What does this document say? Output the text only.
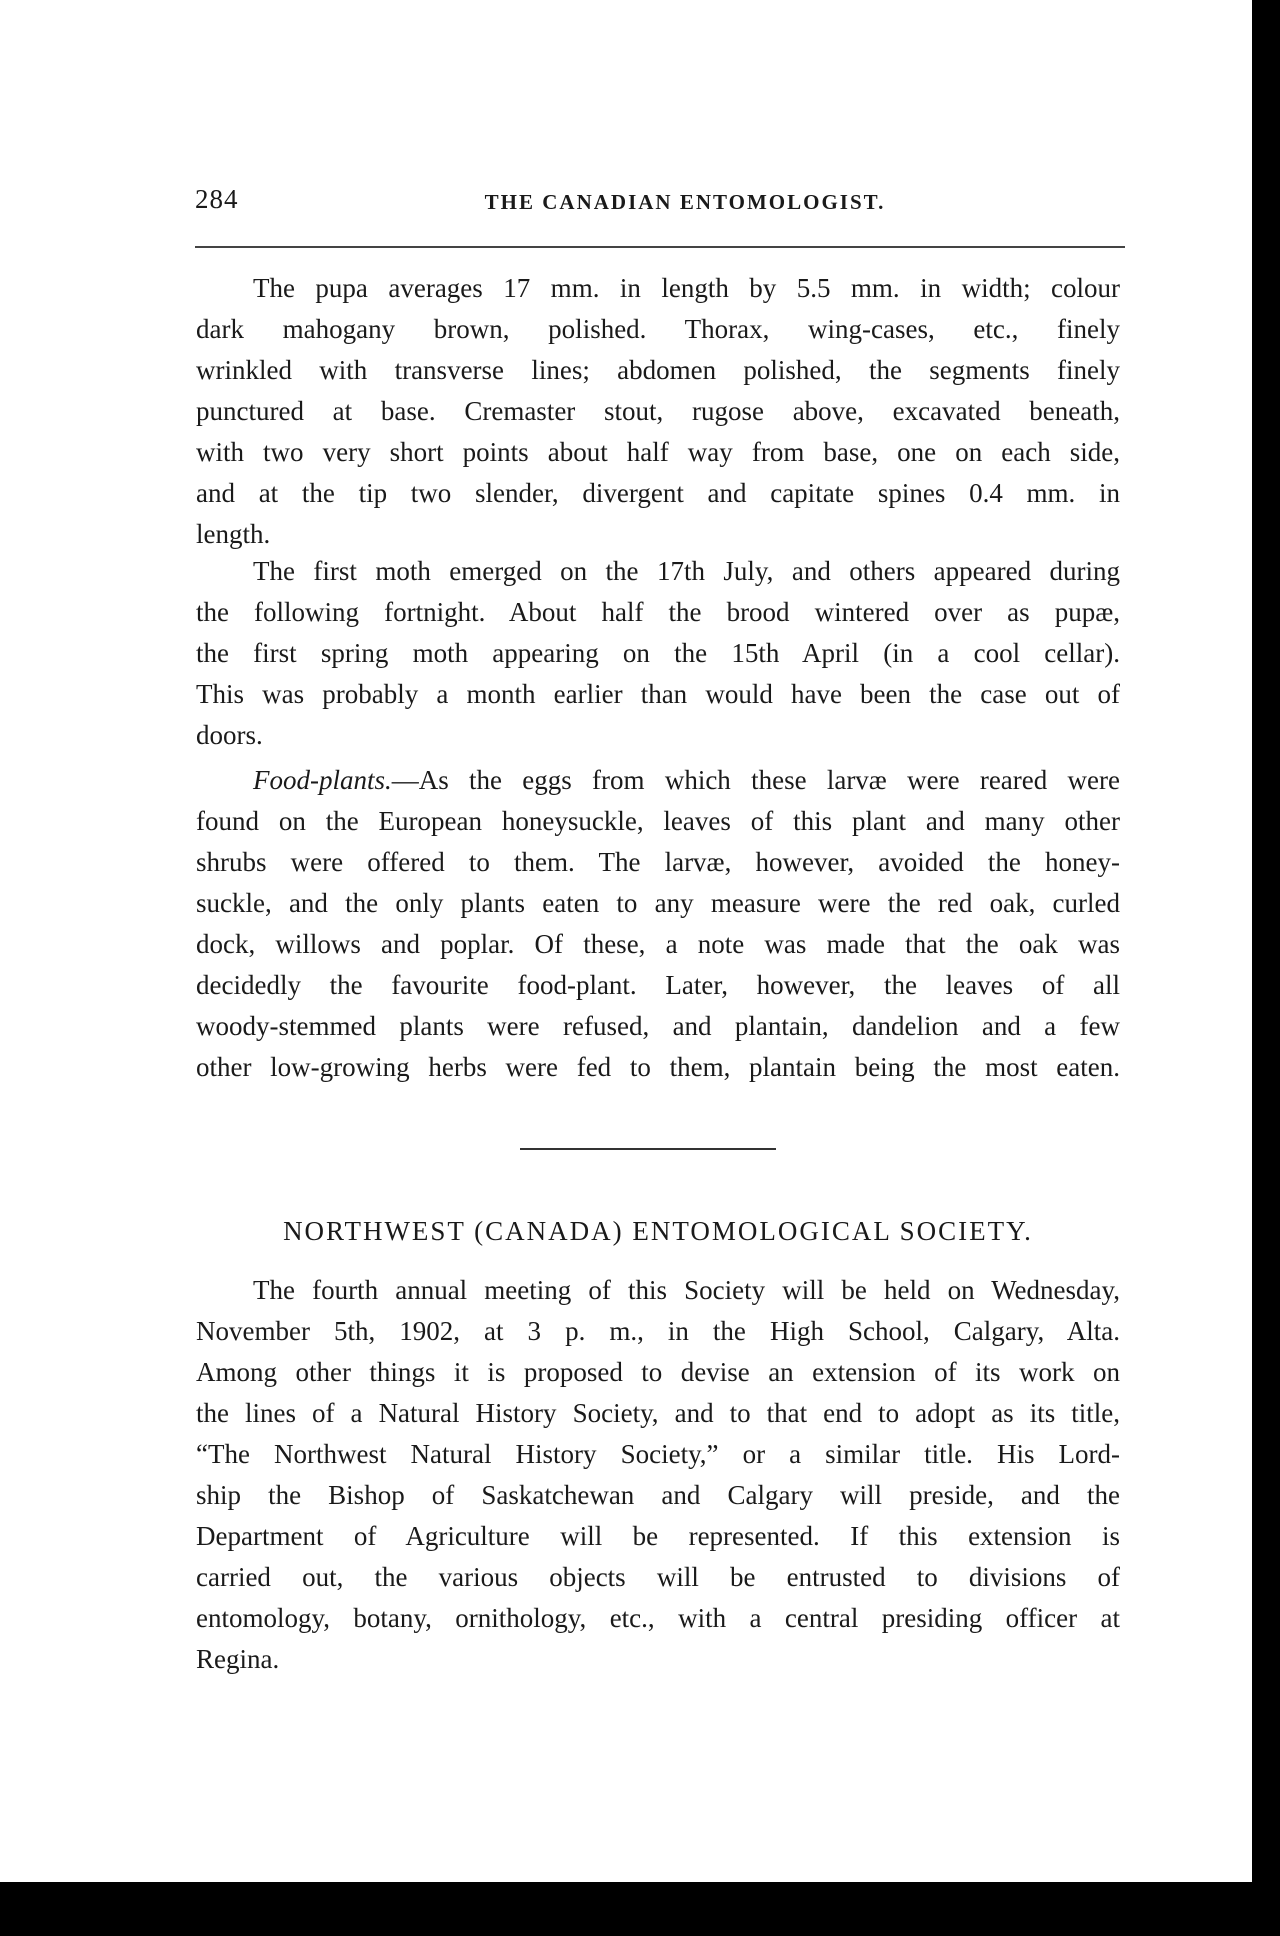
284	THE CANADIAN ENTOMOLOGIST.
The pupa averages 17 mm. in length by 5.5 mm. in width; colour
dark mahogany brown, polished. Thorax, wing-cases, etc., finely
wrinkled with transverse lines; abdomen polished, the segments finely
punctured at base. Cremaster stout, rugose above, excavated beneath,
with two very short points about half way from base, one on each side,
and at the tip two slender, divergent and capitate spines 0.4 mm. in
length.
The first moth emerged on the 17th July, and others appeared during
the following fortnight. About half the brood wintered over as pupæ,
the first spring moth appearing on the 15th April (in a cool cellar).
This was probably a month earlier than would have been the case out of
doors.
Food-plants.—As the eggs from which these larvæ were reared were
found on the European honeysuckle, leaves of this plant and many other
shrubs were offered to them. The larvæ, however, avoided the honey-
suckle, and the only plants eaten to any measure were the red oak, curled
dock, willows and poplar. Of these, a note was made that the oak was
decidedly the favourite food-plant. Later, however, the leaves of all
woody-stemmed plants were refused, and plantain, dandelion and a few
other low-growing herbs were fed to them, plantain being the most eaten.
NORTHWEST (CANADA) ENTOMOLOGICAL SOCIETY.
The fourth annual meeting of this Society will be held on Wednesday,
November 5th, 1902, at 3 p. m., in the High School, Calgary, Alta.
Among other things it is proposed to devise an extension of its work on
the lines of a Natural History Society, and to that end to adopt as its title,
“The Northwest Natural History Society,” or a similar title. His Lord-
ship the Bishop of Saskatchewan and Calgary will preside, and the
Department of Agriculture will be represented. If this extension is
carried out, the various objects will be entrusted to divisions of
entomology, botany, ornithology, etc., with a central presiding officer at
Regina.
